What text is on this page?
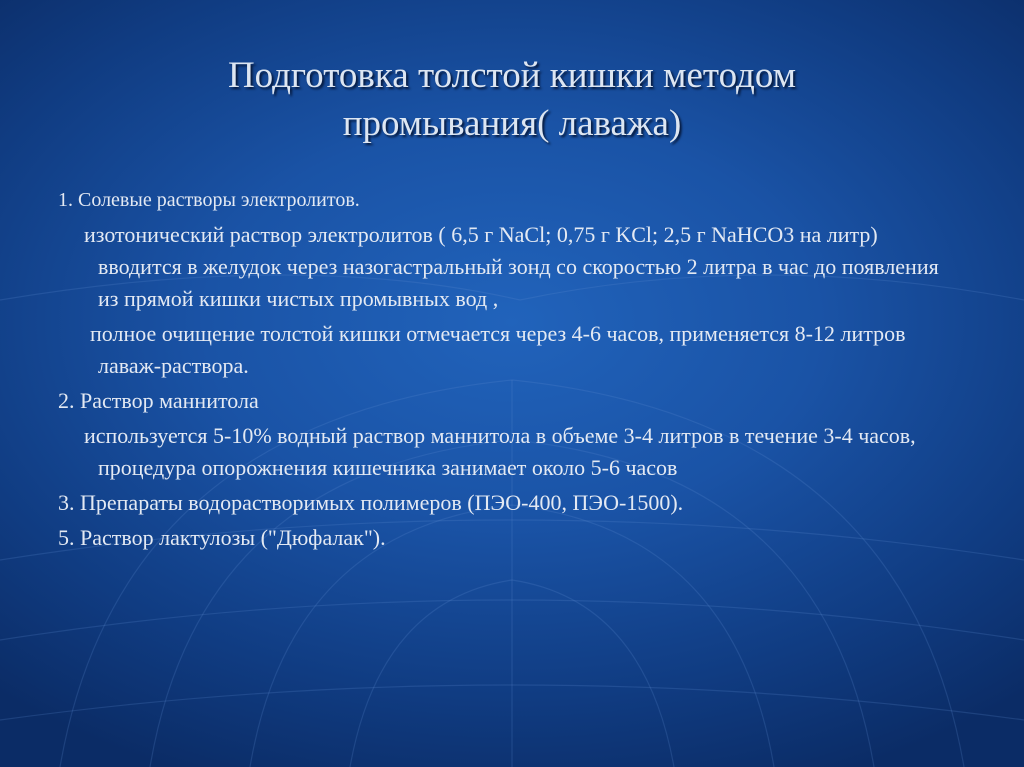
Подготовка толстой кишки методом
промывания( лаважа)

1. Солевые растворы электролитов.

изотонический раствор электролитов ( 6,5 г NaCl; 0,75 г KCl; 2,5 г NaHCO3 на литр) вводится в желудок через назогастральный зонд со скоростью 2 литра в час до появления из прямой кишки чистых промывных вод ,

полное очищение толстой кишки отмечается через 4-6 часов, применяется 8-12 литров лаваж-раствора.

2. Раствор маннитола

используется 5-10% водный раствор маннитола в объеме 3-4 литров в течение 3-4 часов, процедура опорожнения кишечника занимает около 5-6 часов

3. Препараты водорастворимых полимеров (ПЭО-400, ПЭО-1500).

5. Раствор лактулозы ("Дюфалак").
